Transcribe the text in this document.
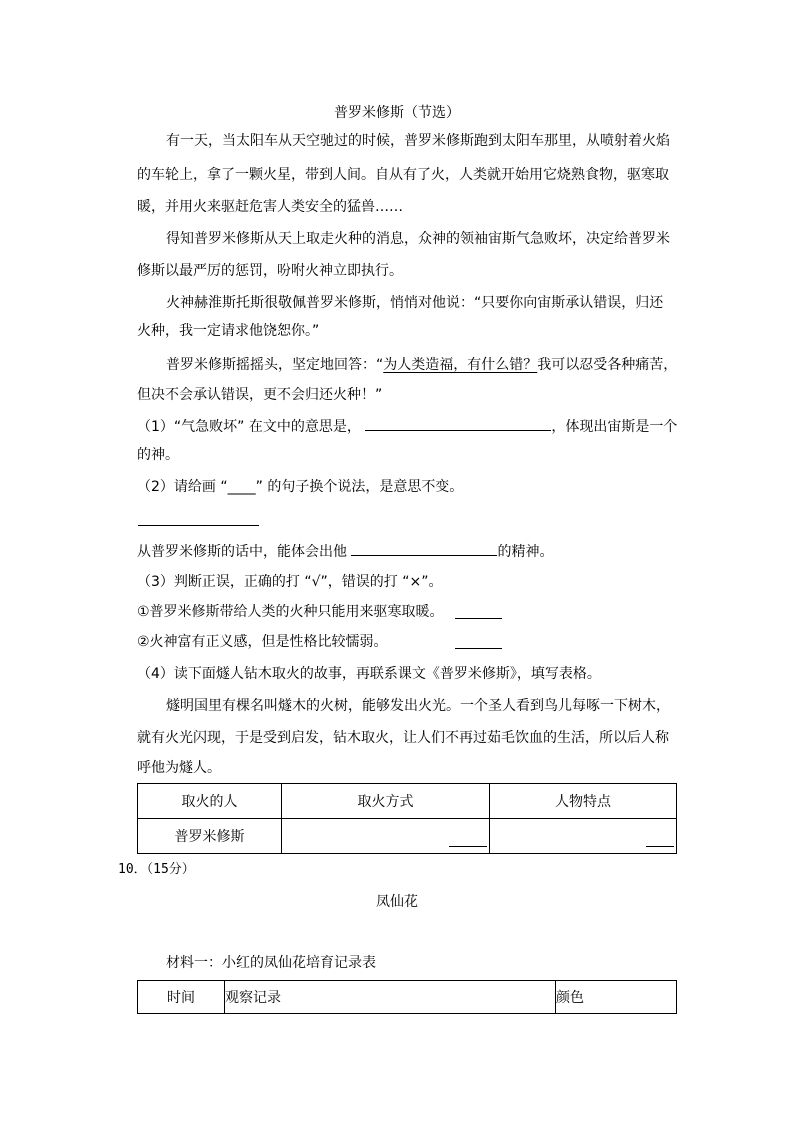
普罗米修斯（节选）
有一天，当太阳车从天空驰过的时候，普罗米修斯跑到太阳车那里，从喷射着火焰
的车轮上，拿了一颗火星，带到人间。自从有了火，人类就开始用它烧熟食物，驱寒取
暖，并用火来驱赶危害人类安全的猛兽……
得知普罗米修斯从天上取走火种的消息，众神的领袖宙斯气急败坏，决定给普罗米
修斯以最严厉的惩罚，吩咐火神立即执行。
火神赫淮斯托斯很敬佩普罗米修斯，悄悄对他说：“只要你向宙斯承认错误，归还
火种，我一定请求他饶恕你。”
普罗米修斯摇摇头，坚定地回答：“为人类造福，有什么错？我可以忍受各种痛苦，
但决不会承认错误，更不会归还火种！”
（1）“气急败坏” 在文中的意思是，	，体现出宙斯是一个
的神。
（2）请给画 “____” 的句子换个说法，是意思不变。
从普罗米修斯的话中，能体会出他	的精神。
（3）判断正误，正确的打 “√”，错误的打 “×”。
①普罗米修斯带给人类的火种只能用来驱寒取暖。
②火神富有正义感，但是性格比较懦弱。
（4）读下面燧人钻木取火的故事，再联系课文《普罗米修斯》，填写表格。
燧明国里有棵名叫燧木的火树，能够发出火光。一个圣人看到鸟儿每啄一下树木，
就有火光闪现，于是受到启发，钻木取火，让人们不再过茹毛饮血的生活，所以后人称
呼他为燧人。
取火的人	取火方式	人物特点
普罗米修斯	

10．（15分）
凤仙花
材料一：小红的凤仙花培育记录表
时间	观察记录	颜色
